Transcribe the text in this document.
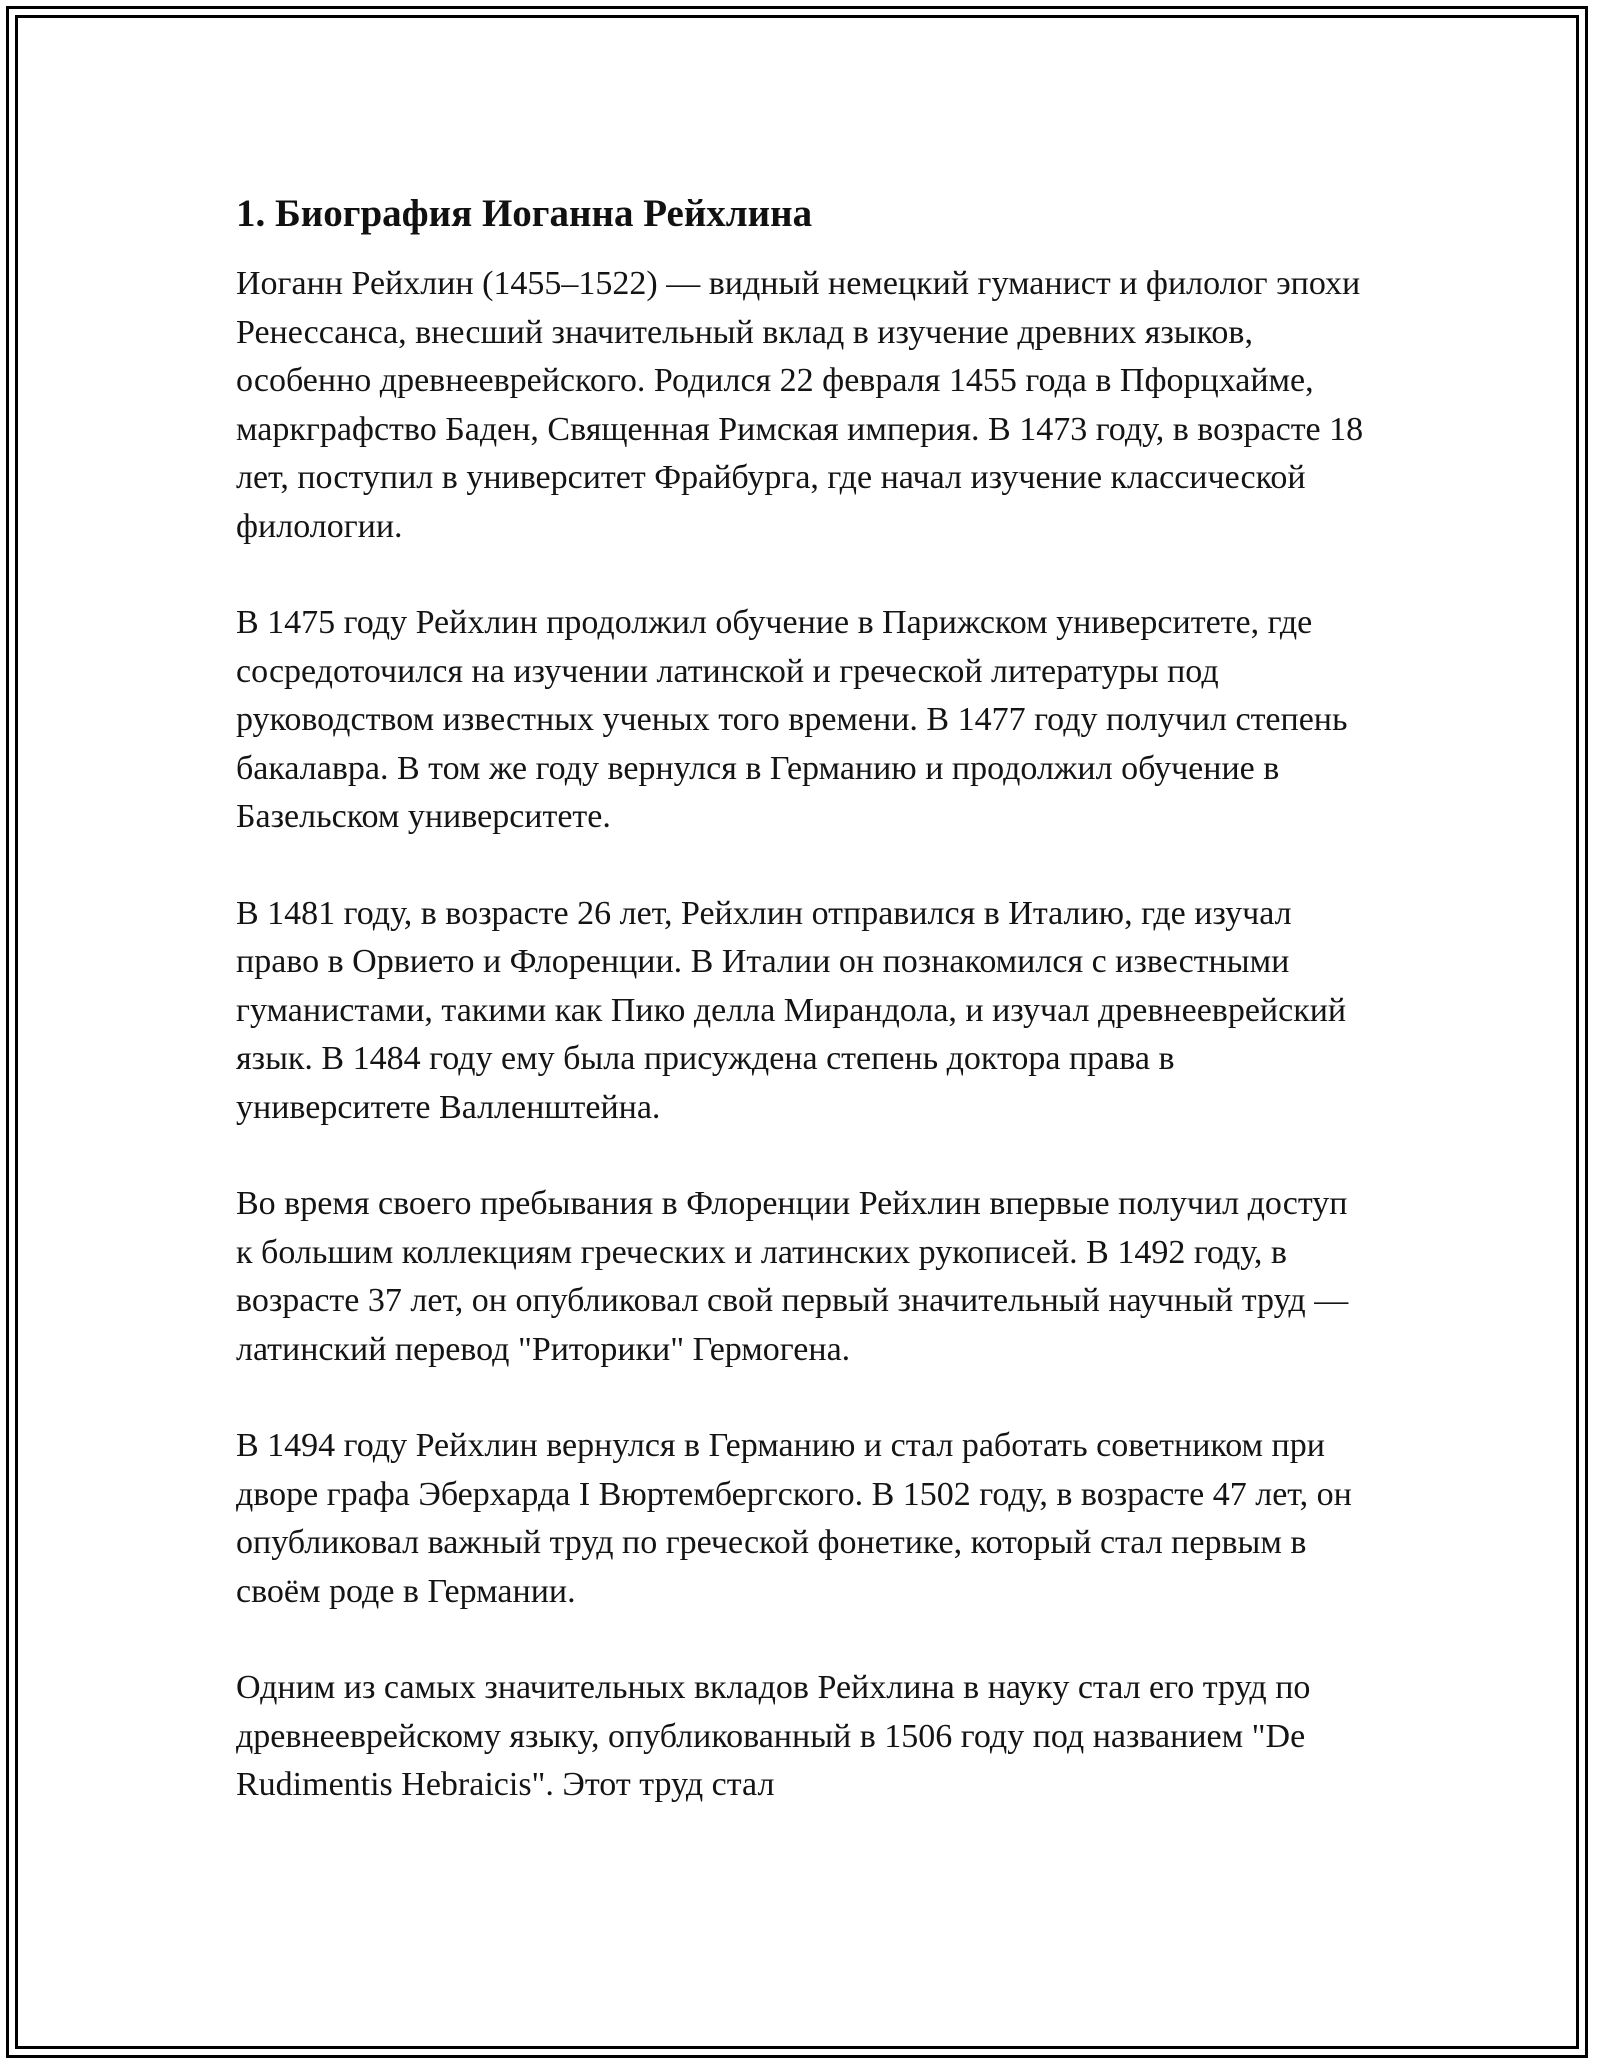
1. Биография Иоганна Рейхлина

Иоганн Рейхлин (1455–1522) — видный немецкий гуманист и филолог эпохи Ренессанса, внесший значительный вклад в изучение древних языков, особенно древнееврейского. Родился 22 февраля 1455 года в Пфорцхайме, маркграфство Баден, Священная Римская империя. В 1473 году, в возрасте 18 лет, поступил в университет Фрайбурга, где начал изучение классической филологии.

В 1475 году Рейхлин продолжил обучение в Парижском университете, где сосредоточился на изучении латинской и греческой литературы под руководством известных ученых того времени. В 1477 году получил степень бакалавра. В том же году вернулся в Германию и продолжил обучение в Базельском университете.

В 1481 году, в возрасте 26 лет, Рейхлин отправился в Италию, где изучал право в Орвието и Флоренции. В Италии он познакомился с известными гуманистами, такими как Пико делла Мирандола, и изучал древнееврейский язык. В 1484 году ему была присуждена степень доктора права в университете Валленштейна.

Во время своего пребывания в Флоренции Рейхлин впервые получил доступ к большим коллекциям греческих и латинских рукописей. В 1492 году, в возрасте 37 лет, он опубликовал свой первый значительный научный труд — латинский перевод "Риторики" Гермогена.

В 1494 году Рейхлин вернулся в Германию и стал работать советником при дворе графа Эберхарда I Вюртембергского. В 1502 году, в возрасте 47 лет, он опубликовал важный труд по греческой фонетике, который стал первым в своём роде в Германии.

Одним из самых значительных вкладов Рейхлина в науку стал его труд по древнееврейскому языку, опубликованный в 1506 году под названием "De Rudimentis Hebraicis". Этот труд стал
